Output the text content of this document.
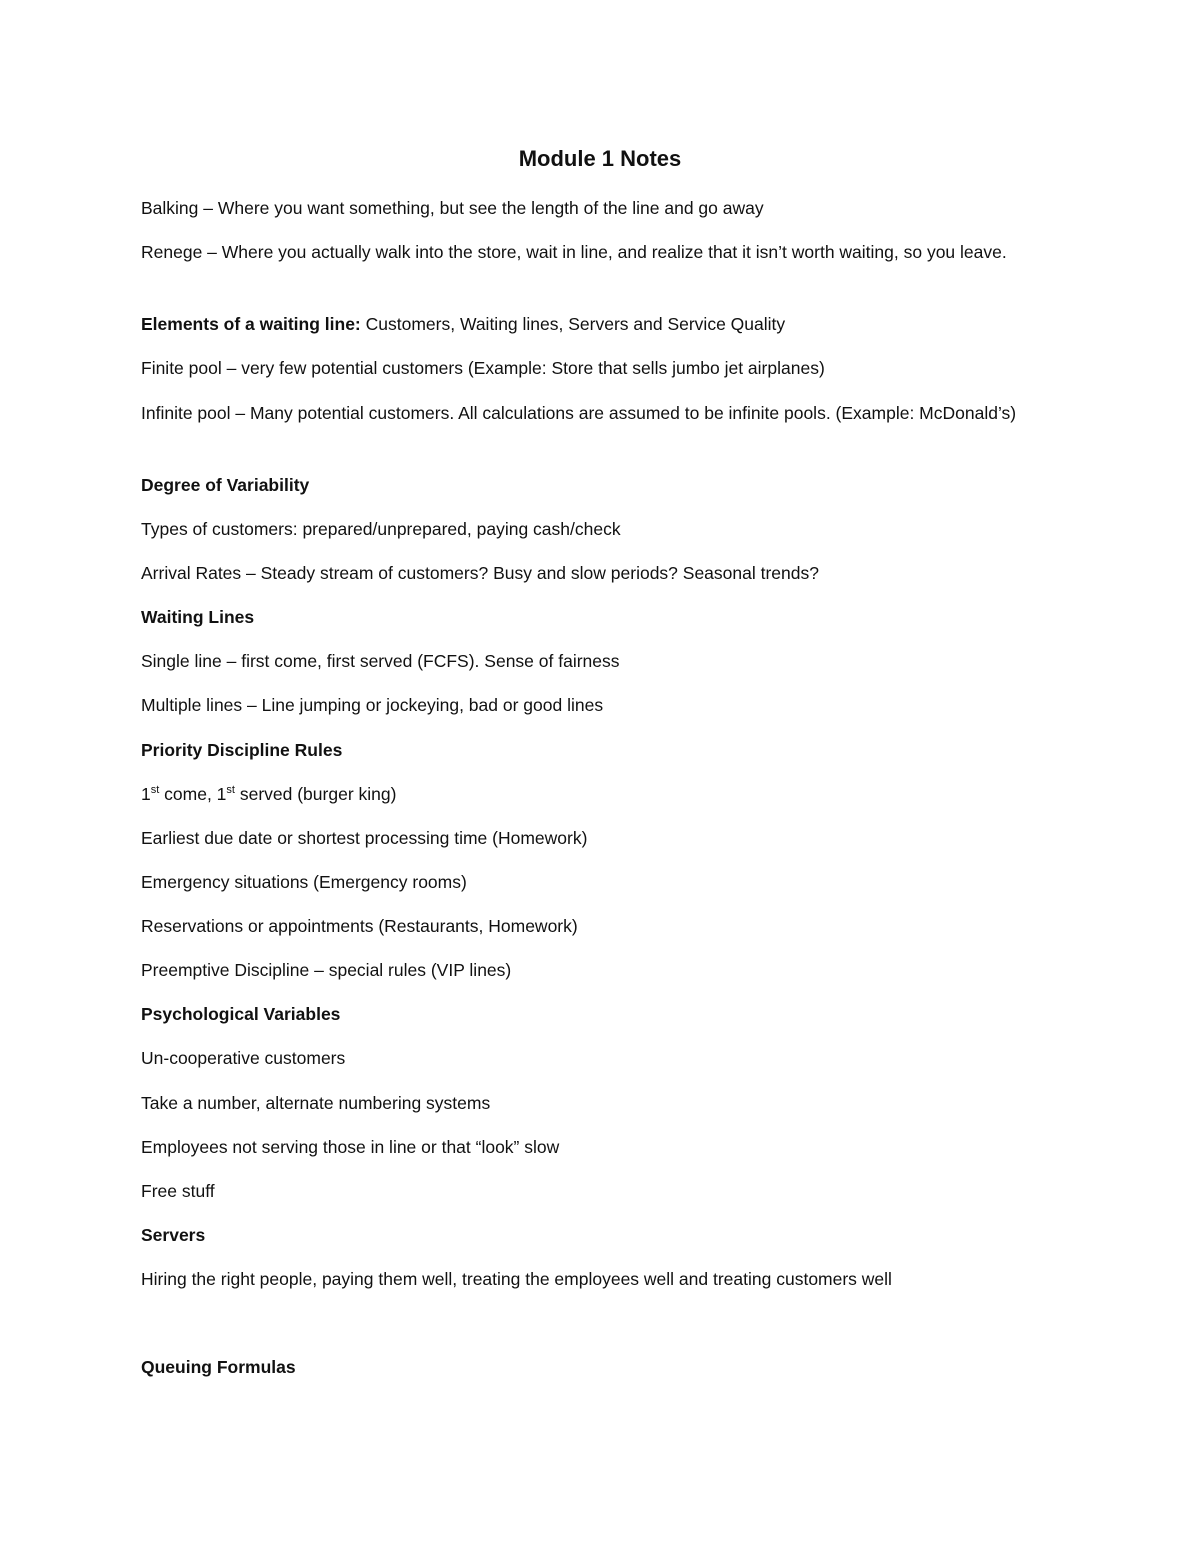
Module 1 Notes
Balking – Where you want something, but see the length of the line and go away
Renege – Where you actually walk into the store, wait in line, and realize that it isn’t worth waiting, so you leave.
Elements of a waiting line: Customers, Waiting lines, Servers and Service Quality
Finite pool – very few potential customers (Example: Store that sells jumbo jet airplanes)
Infinite pool – Many potential customers. All calculations are assumed to be infinite pools. (Example: McDonald’s)
Degree of Variability
Types of customers: prepared/unprepared, paying cash/check
Arrival Rates – Steady stream of customers? Busy and slow periods? Seasonal trends?
Waiting Lines
Single line – first come, first served (FCFS). Sense of fairness
Multiple lines – Line jumping or jockeying, bad or good lines
Priority Discipline Rules
1st come, 1st served (burger king)
Earliest due date or shortest processing time (Homework)
Emergency situations (Emergency rooms)
Reservations or appointments (Restaurants, Homework)
Preemptive Discipline – special rules (VIP lines)
Psychological Variables
Un-cooperative customers
Take a number, alternate numbering systems
Employees not serving those in line or that “look” slow
Free stuff
Servers
Hiring the right people, paying them well, treating the employees well and treating customers well
Queuing Formulas
